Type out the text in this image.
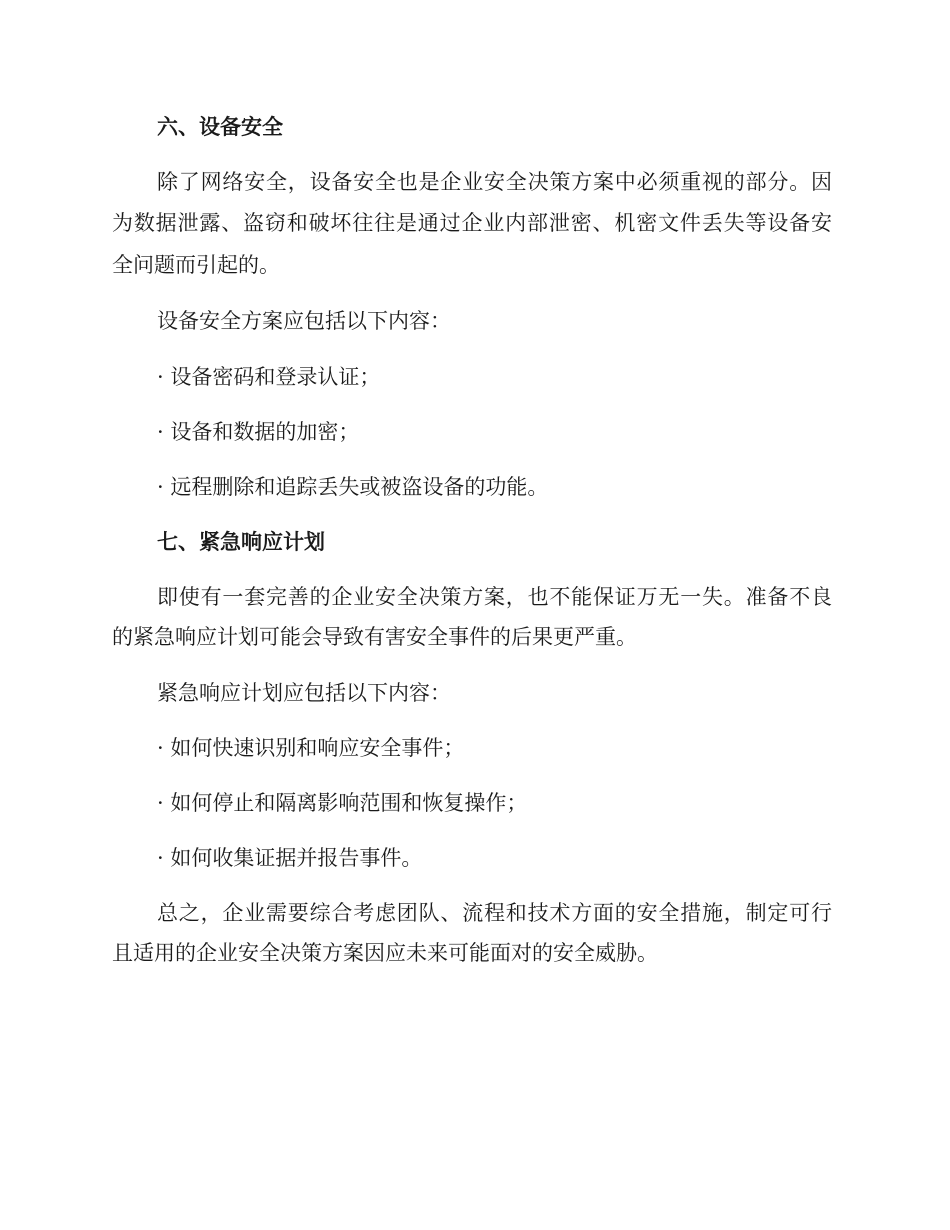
六、设备安全
除了网络安全，设备安全也是企业安全决策方案中必须重视的部分。因
为数据泄露、盗窃和破坏往往是通过企业内部泄密、机密文件丢失等设备安
全问题而引起的。
设备安全方案应包括以下内容：
· 设备密码和登录认证；
· 设备和数据的加密；
· 远程删除和追踪丢失或被盗设备的功能。
七、紧急响应计划
即使有一套完善的企业安全决策方案，也不能保证万无一失。准备不良
的紧急响应计划可能会导致有害安全事件的后果更严重。
紧急响应计划应包括以下内容：
· 如何快速识别和响应安全事件；
· 如何停止和隔离影响范围和恢复操作；
· 如何收集证据并报告事件。
总之，企业需要综合考虑团队、流程和技术方面的安全措施，制定可行
且适用的企业安全决策方案因应未来可能面对的安全威胁。
